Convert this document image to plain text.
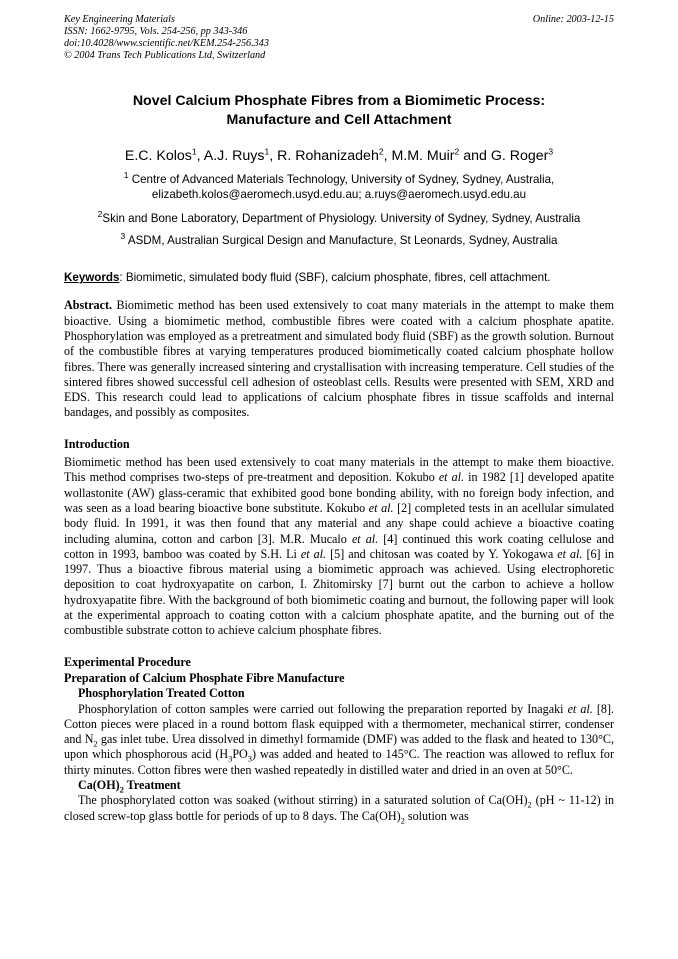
Key Engineering Materials
ISSN: 1662-9795, Vols. 254-256, pp 343-346
doi:10.4028/www.scientific.net/KEM.254-256.343
© 2004 Trans Tech Publications Ltd, Switzerland
Online: 2003-12-15
Novel Calcium Phosphate Fibres from a Biomimetic Process:
Manufacture and Cell Attachment
E.C. Kolos$^1$, A.J. Ruys$^1$, R. Rohanizadeh$^2$, M.M. Muir$^2$ and G. Roger$^3$
$^1$ Centre of Advanced Materials Technology, University of Sydney, Sydney, Australia,
elizabeth.kolos@aeromech.usyd.edu.au; a.ruys@aeromech.usyd.edu.au
$^2$Skin and Bone Laboratory, Department of Physiology. University of Sydney, Sydney, Australia
$^3$ ASDM, Australian Surgical Design and Manufacture, St Leonards, Sydney, Australia
Keywords: Biomimetic, simulated body fluid (SBF), calcium phosphate, fibres, cell attachment.

Abstract. Biomimetic method has been used extensively to coat many materials in the attempt to make them bioactive. Using a biomimetic method, combustible fibres were coated with a calcium phosphate apatite. Phosphorylation was employed as a pretreatment and simulated body fluid (SBF) as the growth solution. Burnout of the combustible fibres at varying temperatures produced biomimetically coated calcium phosphate hollow fibres. There was generally increased sintering and crystallisation with increasing temperature. Cell studies of the sintered fibres showed successful cell adhesion of osteoblast cells. Results were presented with SEM, XRD and EDS. This research could lead to applications of calcium phosphate fibres in tissue scaffolds and internal bandages, and possibly as composites.

Introduction

Biomimetic method has been used extensively to coat many materials in the attempt to make them bioactive. This method comprises two-steps of pre-treatment and deposition. Kokubo et al. in 1982 [1] developed apatite wollastonite (AW) glass-ceramic that exhibited good bone bonding ability, with no foreign body infection, and was seen as a load bearing bioactive bone substitute. Kokubo et al. [2] completed tests in an acellular simulated body fluid. In 1991, it was then found that any material and any shape could achieve a bioactive coating including alumina, cotton and carbon [3]. M.R. Mucalo et al. [4] continued this work coating cellulose and cotton in 1993, bamboo was coated by S.H. Li et al. [5] and chitosan was coated by Y. Yokogawa et al. [6] in 1997. Thus a bioactive fibrous material using a biomimetic approach was achieved. Using electrophoretic deposition to coat hydroxyapatite on carbon, I. Zhitomirsky [7] burnt out the carbon to achieve a hollow hydroxyapatite fibre. With the background of both biomimetic coating and burnout, the following paper will look at the experimental approach to coating cotton with a calcium phosphate apatite, and the burning out of the combustible substrate cotton to achieve calcium phosphate fibres.

Experimental Procedure
Preparation of Calcium Phosphate Fibre Manufacture
Phosphorylation Treated Cotton

Phosphorylation of cotton samples were carried out following the preparation reported by Inagaki et al. [8]. Cotton pieces were placed in a round bottom flask equipped with a thermometer, mechanical stirrer, condenser and $N_2$ gas inlet tube. Urea dissolved in dimethyl formamide (DMF) was added to the flask and heated to 130°C, upon which phosphorous acid $(H_3PO_3)$ was added and heated to 145°C. The reaction was allowed to reflux for thirty minutes. Cotton fibres were then washed repeatedly in distilled water and dried in an oven at 50°C.

$Ca(OH)_2$ Treatment

The phosphorylated cotton was soaked (without stirring) in a saturated solution of $Ca(OH)_2$ (pH ~ 11-12) in closed screw-top glass bottle for periods of up to 8 days. The $Ca(OH)_2$ solution was
